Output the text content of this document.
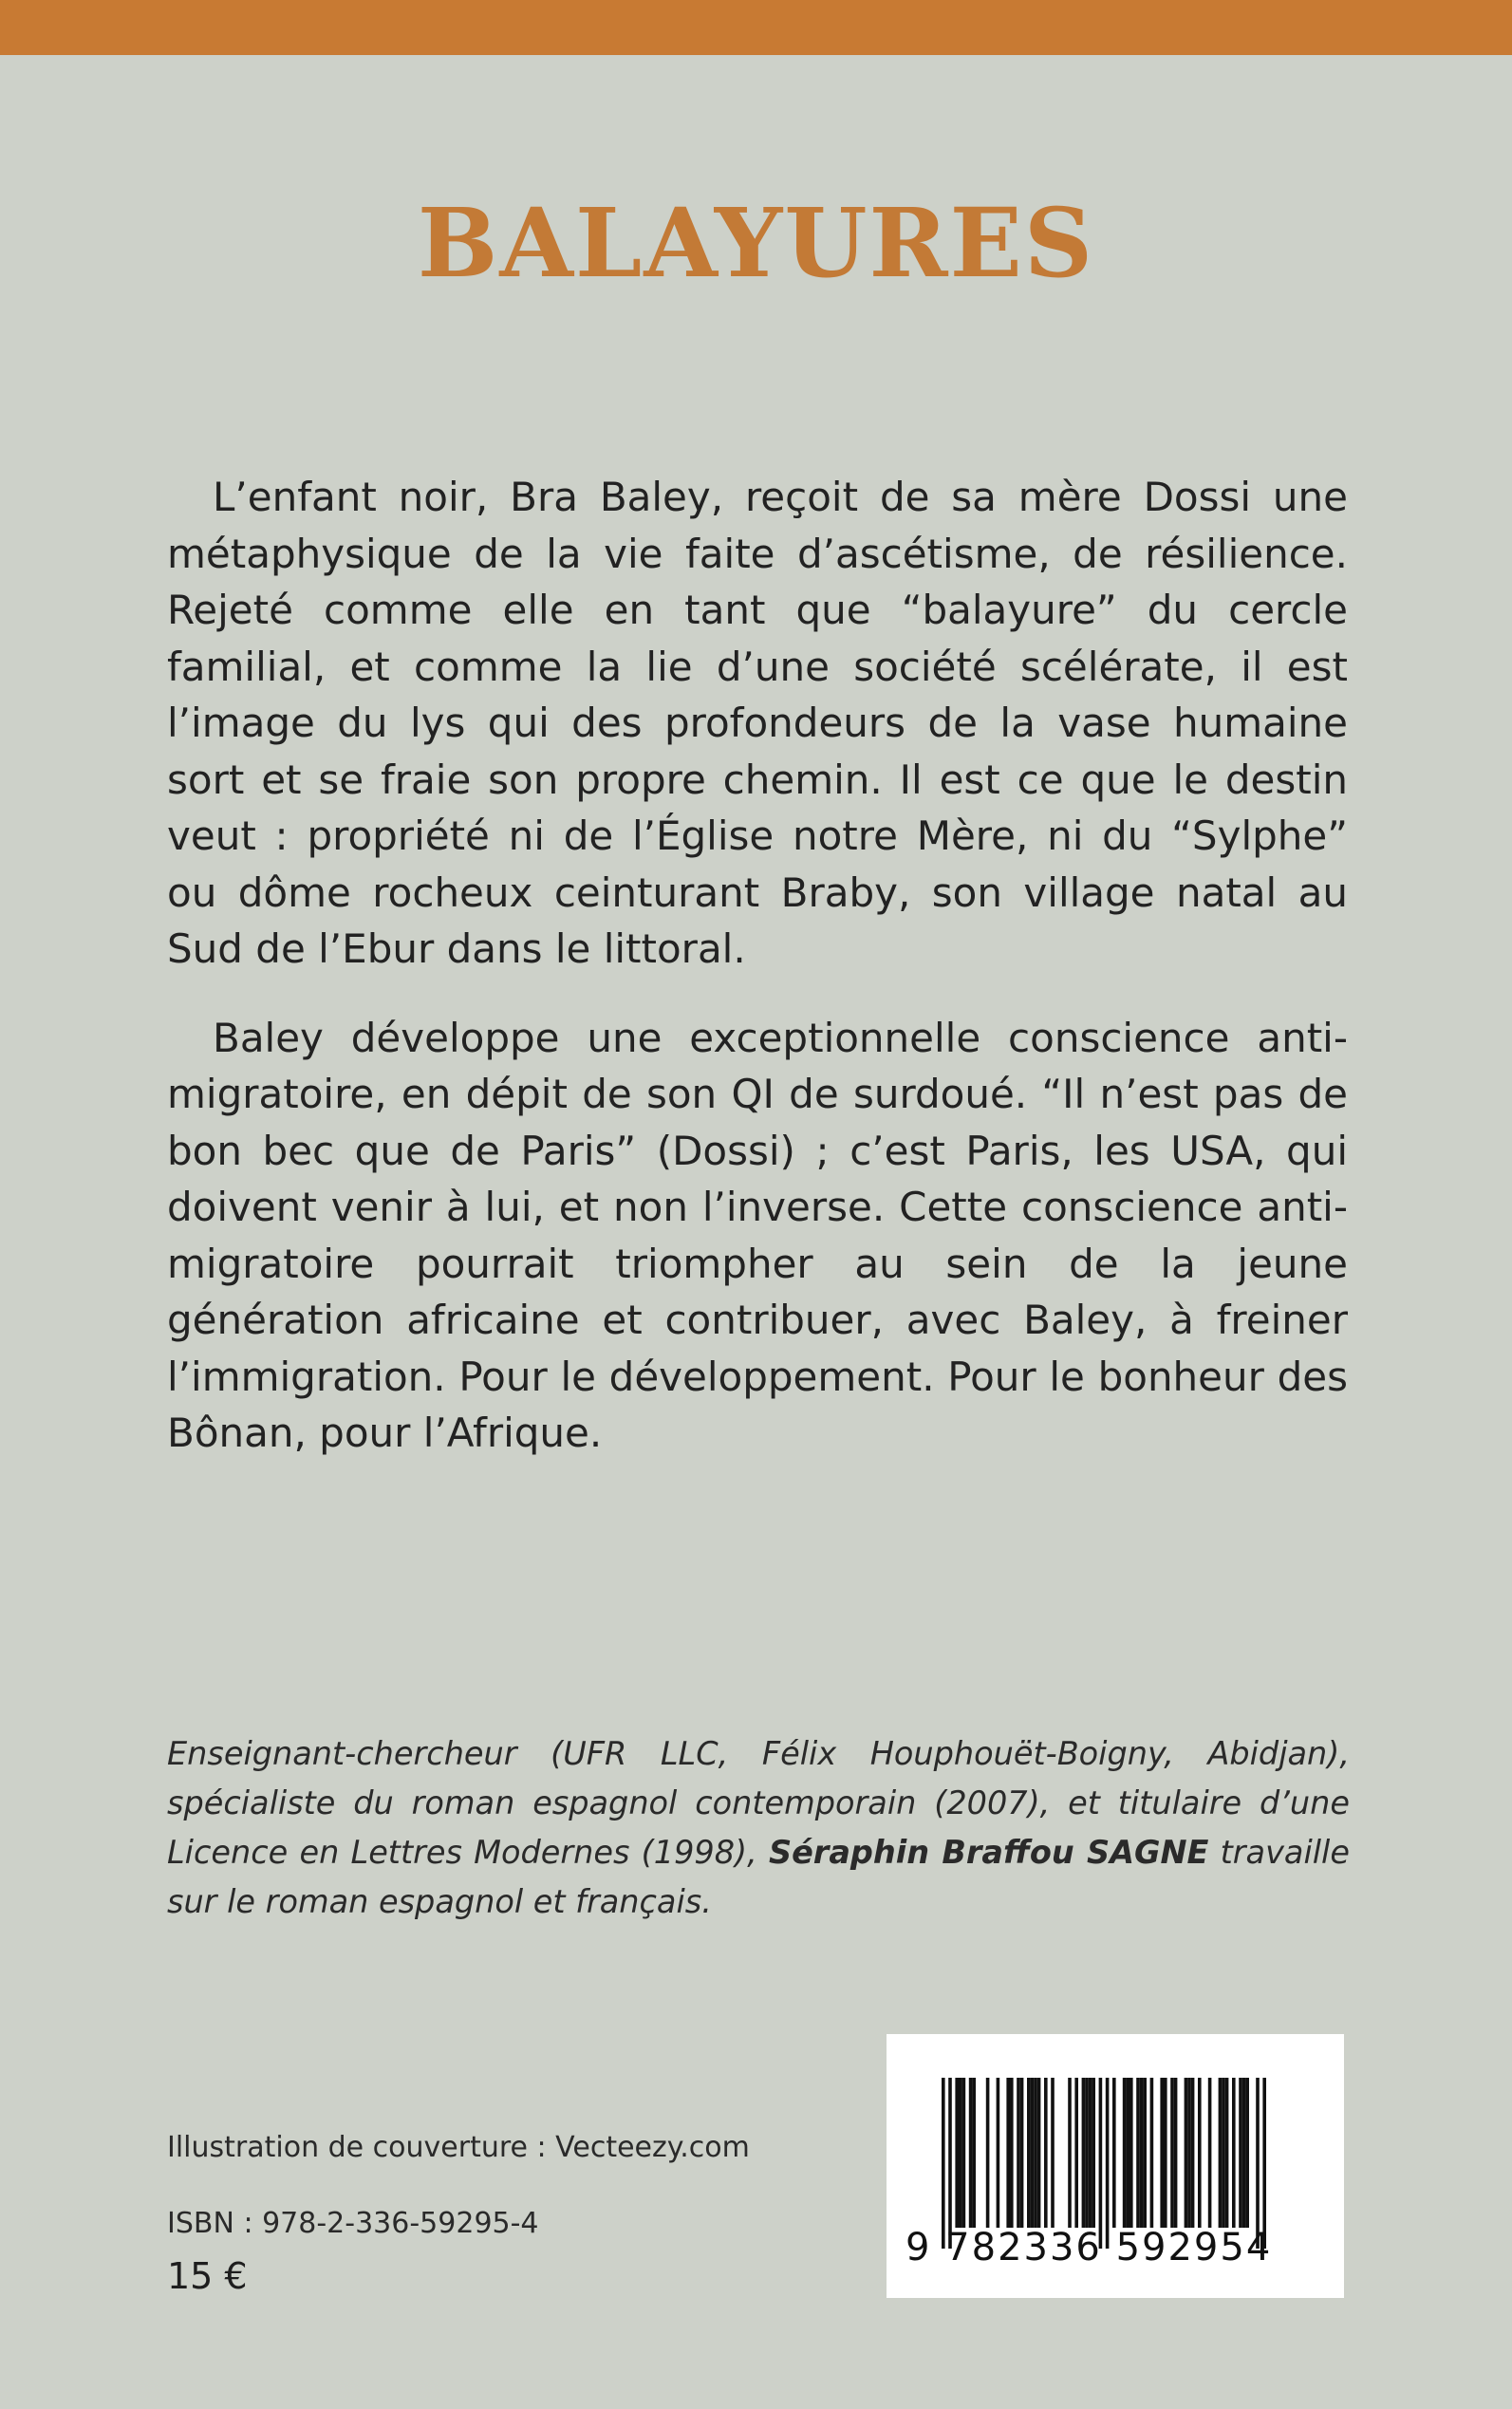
BALAYURES

L’enfant noir, Bra Baley, reçoit de sa mère Dossi une métaphysique de la vie faite d’ascétisme, de résilience. Rejeté comme elle en tant que “balayure” du cercle familial, et comme la lie d’une société scélérate, il est l’image du lys qui des profondeurs de la vase humaine sort et se fraie son propre chemin. Il est ce que le destin veut : propriété ni de l’Église notre Mère, ni du “Sylphe” ou dôme rocheux ceinturant Braby, son village natal au Sud de l’Ebur dans le littoral.

Baley développe une exceptionnelle conscience anti-migratoire, en dépit de son QI de surdoué. “Il n’est pas de bon bec que de Paris” (Dossi) ; c’est Paris, les USA, qui doivent venir à lui, et non l’inverse. Cette conscience anti-migratoire pourrait triompher au sein de la jeune génération africaine et contribuer, avec Baley, à freiner l’immigration. Pour le développement. Pour le bonheur des Bônan, pour l’Afrique.

Enseignant-chercheur (UFR LLC, Félix Houphouët-Boigny, Abidjan), spécialiste du roman espagnol contemporain (2007), et titulaire d’une Licence en Lettres Modernes (1998), Séraphin Braffou SAGNE travaille sur le roman espagnol et français.
Illustration de couverture : Vecteezy.com
ISBN : 978-2-336-59295-4
15 €
9 782336 592954
